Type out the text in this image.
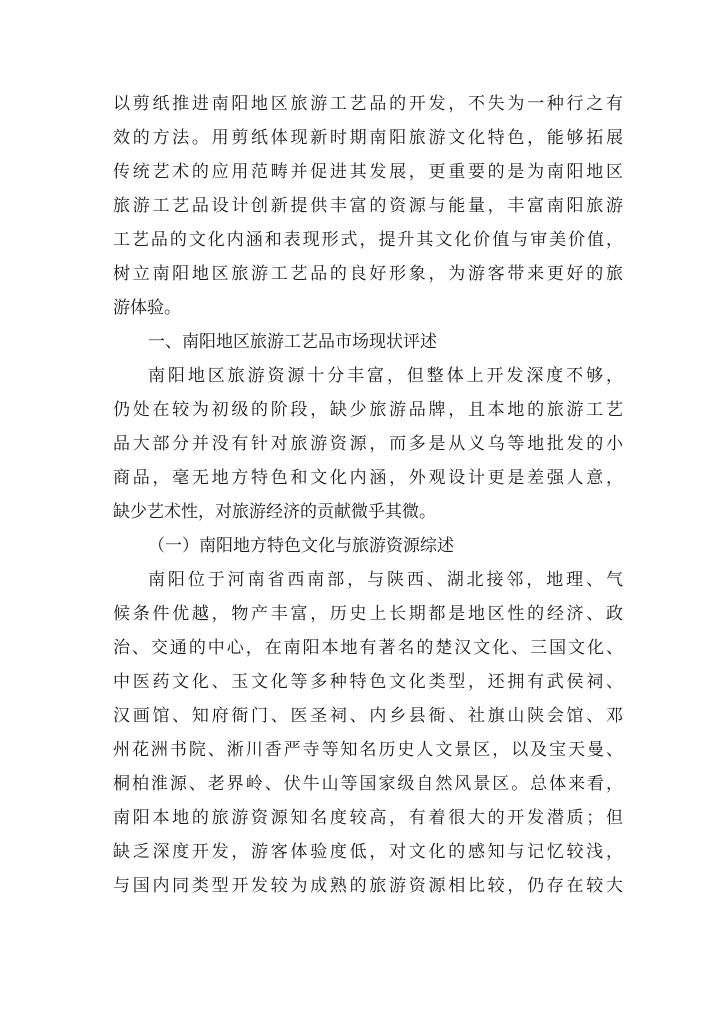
以剪纸推进南阳地区旅游工艺品的开发，不失为一种行之有
效的方法。用剪纸体现新时期南阳旅游文化特色，能够拓展
传统艺术的应用范畴并促进其发展，更重要的是为南阳地区
旅游工艺品设计创新提供丰富的资源与能量，丰富南阳旅游
工艺品的文化内涵和表现形式，提升其文化价值与审美价值，
树立南阳地区旅游工艺品的良好形象，为游客带来更好的旅
游体验。
一、南阳地区旅游工艺品市场现状评述
南阳地区旅游资源十分丰富，但整体上开发深度不够，
仍处在较为初级的阶段，缺少旅游品牌，且本地的旅游工艺
品大部分并没有针对旅游资源，而多是从义乌等地批发的小
商品，毫无地方特色和文化内涵，外观设计更是差强人意，
缺少艺术性，对旅游经济的贡献微乎其微。
（一）南阳地方特色文化与旅游资源综述
南阳位于河南省西南部，与陕西、湖北接邻，地理、气
候条件优越，物产丰富，历史上长期都是地区性的经济、政
治、交通的中心，在南阳本地有著名的楚汉文化、三国文化、
中医药文化、玉文化等多种特色文化类型，还拥有武侯祠、
汉画馆、知府衙门、医圣祠、内乡县衙、社旗山陕会馆、邓
州花洲书院、淅川香严寺等知名历史人文景区，以及宝天曼、
桐柏淮源、老界岭、伏牛山等国家级自然风景区。总体来看，
南阳本地的旅游资源知名度较高，有着很大的开发潜质；但
缺乏深度开发，游客体验度低，对文化的感知与记忆较浅，
与国内同类型开发较为成熟的旅游资源相比较，仍存在较大
